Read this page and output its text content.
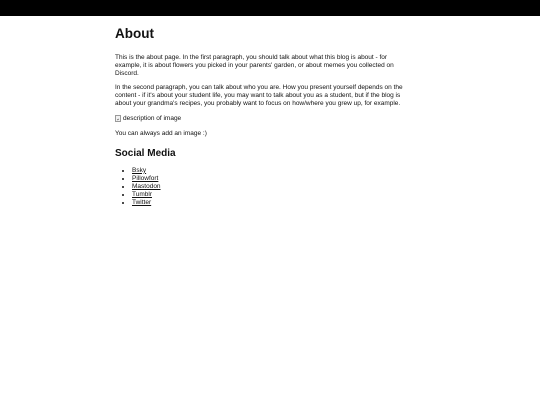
About

This is the about page. In the first paragraph, you should talk about what this blog is about - for example, it is about flowers you picked in your parents' garden, or about memes you collected on Discord.

In the second paragraph, you can talk about who you are. How you present yourself depends on the content - if it's about your student life, you may want to talk about you as a student, but if the blog is about your grandma's recipes, you probably want to focus on how/where you grew up, for example.

description of image

You can always add an image :)

Social Media
• Bsky
• Pillowfort
• Mastodon
• Tumblr
• Twitter
